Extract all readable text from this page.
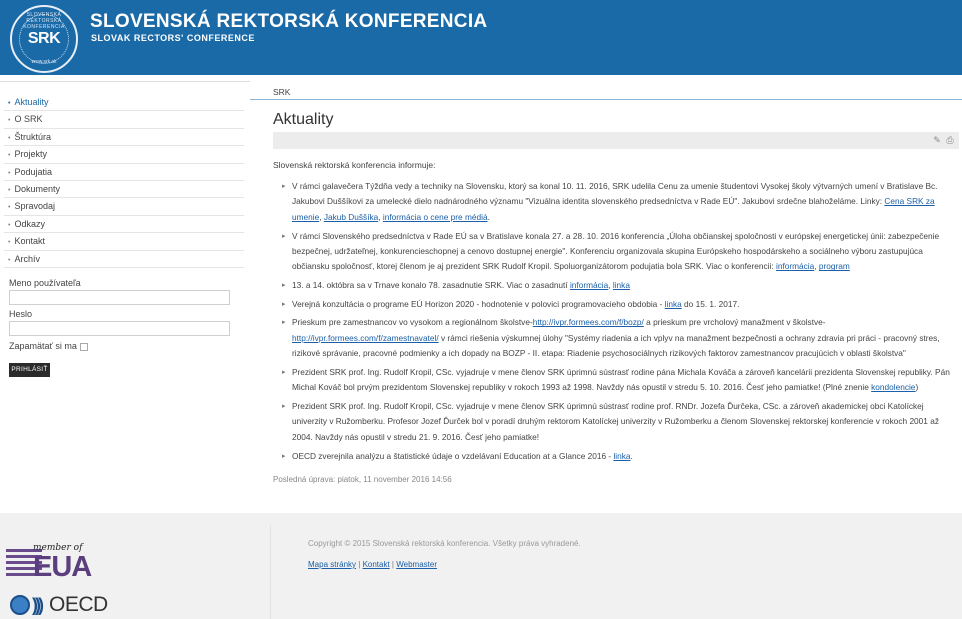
SLOVENSKÁ REKTORSKÁ KONFERENCIA
SRK
www.srk.sk
SLOVENSKÁ REKTORSKÁ KONFERENCIA
SLOVAK RECTORS' CONFERENCE
• Aktuality
• O SRK
• Štruktúra
• Projekty
• Podujatia
• Dokumenty
• Spravodaj
• Odkazy
• Kontakt
• Archív
Meno používateľa
Heslo
Zapamätať si ma
PRIHLÁSIŤ
SRK
Aktuality
✎ ⎙
Slovenská rektorská konferencia informuje:
▸ V rámci galavečera Týždňa vedy a techniky na Slovensku, ktorý sa konal 10. 11. 2016, SRK udelila Cenu za umenie študentovi Vysokej školy výtvarných umení v Bratislave Bc. Jakubovi Duššíkovi za umelecké dielo nadnárodného významu "Vizuálna identita slovenského predsedníctva v Rade EÚ". Jakubovi srdečne blahoželáme. Linky: Cena SRK za umenie, Jakub Duššíka, informácia o cene pre médiá.
▸ V rámci Slovenského predsedníctva v Rade EÚ sa v Bratislave konala 27. a 28. 10. 2016 konferencia „Úloha občianskej spoločnosti v európskej energetickej únii: zabezpečenie bezpečnej, udržateľnej, konkurencieschopnej a cenovo dostupnej energie". Konferenciu organizovala skupina Európskeho hospodárskeho a sociálneho výboru zastupujúca občiansku spoločnosť, ktorej členom je aj prezident SRK Rudolf Kropil. Spoluorganizátorom podujatia bola SRK. Viac o konferencii: informácia, program
▸ 13. a 14. októbra sa v Trnave konalo 78. zasadnutie SRK. Viac o zasadnutí informácia, linka
▸ Verejná konzultácia o programe EÚ Horizon 2020 - hodnotenie v polovici programovacieho obdobia - linka do 15. 1. 2017.
▸ Prieskum pre zamestnancov vo vysokom a regionálnom školstve-http://ivpr.formees.com/f/bozp/ a prieskum pre vrcholový manažment v školstve-http://ivpr.formees.com/f/zamestnavatel/ v rámci riešenia výskumnej úlohy "Systémy riadenia a ich vplyv na manažment bezpečnosti a ochrany zdravia pri práci - pracovný stres, rizikové správanie, pracovné podmienky a ich dopady na BOZP - II. etapa: Riadenie psychosociálnych rizikových faktorov zamestnancov pracujúcich v oblasti školstva"
▸ Prezident SRK prof. Ing. Rudolf Kropil, CSc. vyjadruje v mene členov SRK úprimnú sústrasť rodine pána Michala Kováča a zároveň kancelárii prezidenta Slovenskej republiky. Pán Michal Kováč bol prvým prezidentom Slovenskej republiky v rokoch 1993 až 1998. Navždy nás opustil v stredu 5. 10. 2016. Česť jeho pamiatke! (Plné znenie kondolencie)
▸ Prezident SRK prof. Ing. Rudolf Kropil, CSc. vyjadruje v mene členov SRK úprimnú sústrasť rodine prof. RNDr. Jozefa Ďurčeka, CSc. a zároveň akademickej obci Katolíckej univerzity v Ružomberku. Profesor Jozef Ďurček bol v poradí druhým rektorom Katolíckej univerzity v Ružomberku a členom Slovenskej rektorskej konferencie v rokoch 2001 až 2004. Navždy nás opustil v stredu 21. 9. 2016. Česť jeho pamiatke!
▸ OECD zverejnila analýzu a štatistické údaje o vzdelávaní Education at a Glance 2016 - linka.
Posledná úprava: piatok, 11 november 2016 14:56
member of
EUA
))) OECD
Copyright © 2015 Slovenská rektorská konferencia. Všetky práva vyhradené.
Mapa stránky | Kontakt | Webmaster
